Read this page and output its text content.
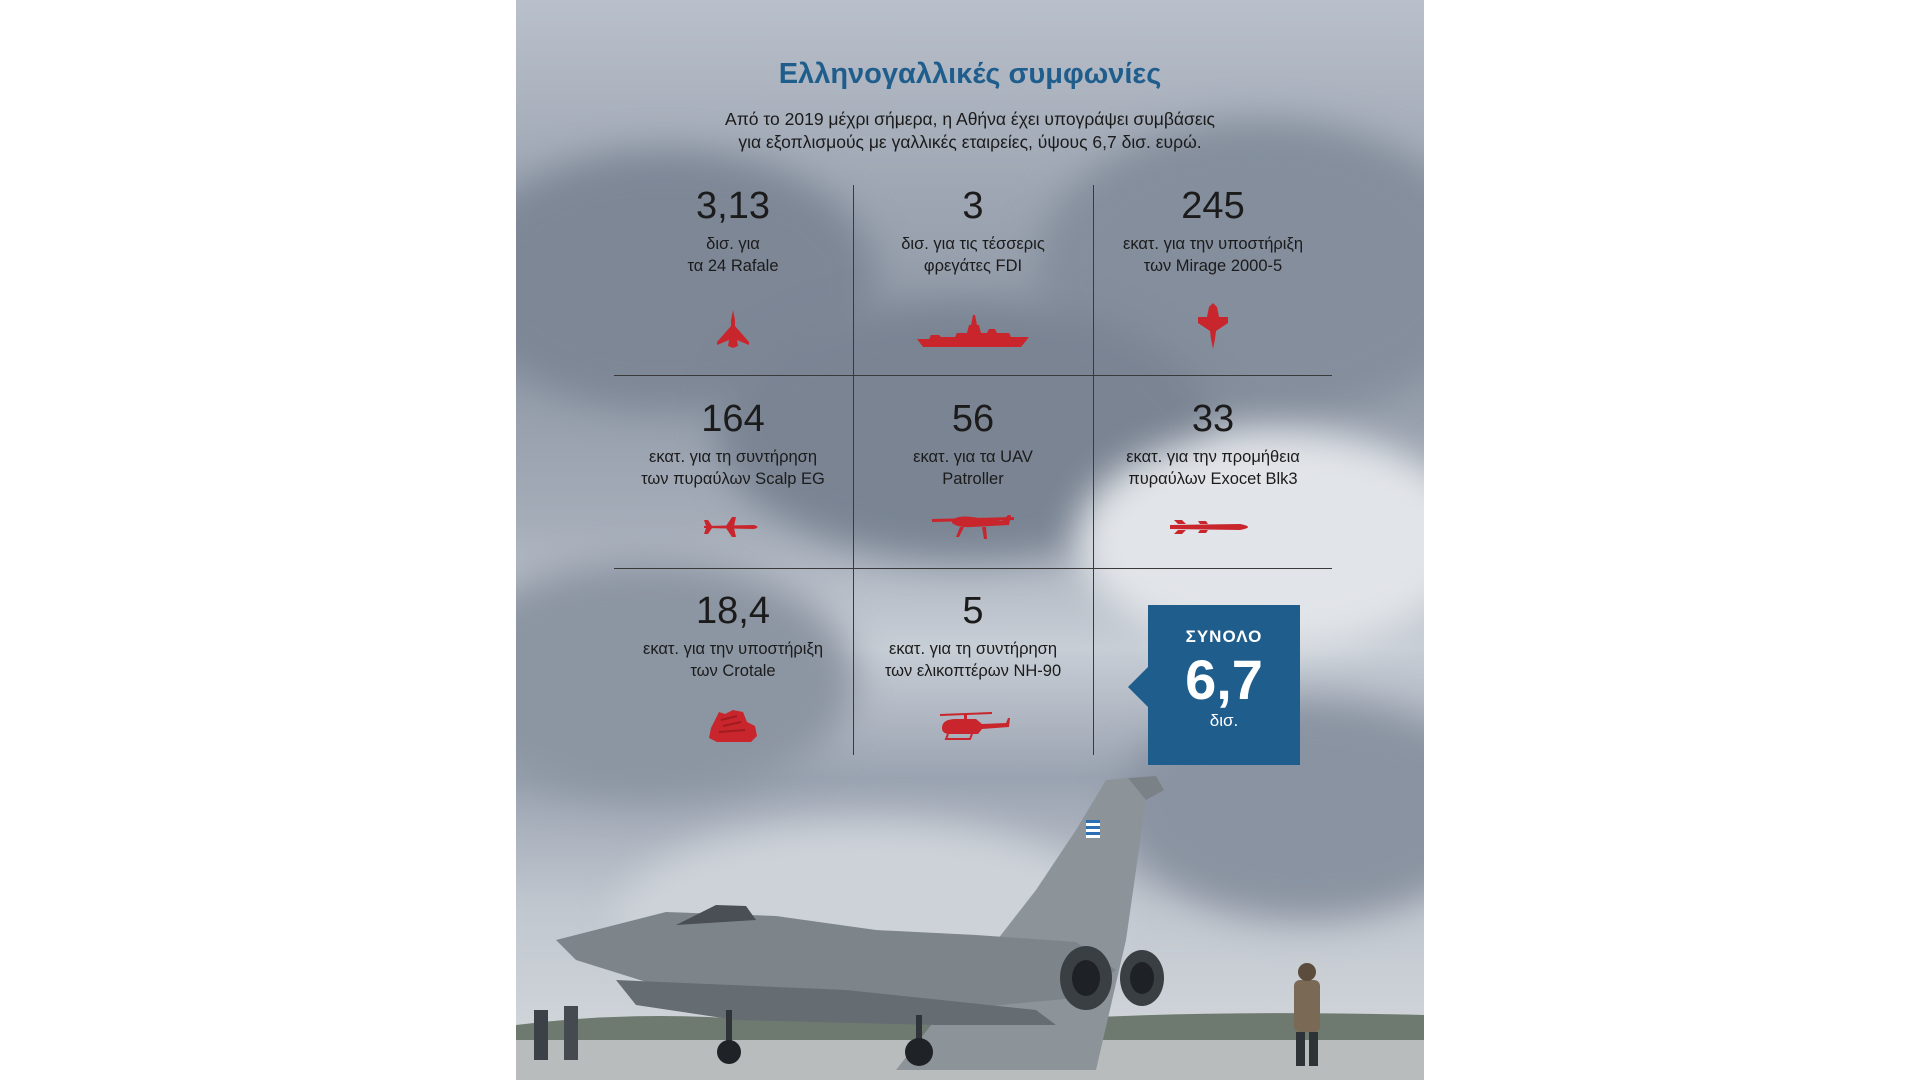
Ελληνογαλλικές συμφωνίες
Από το 2019 μέχρι σήμερα, η Αθήνα έχει υπογράψει συμβάσεις
για εξοπλισμούς με γαλλικές εταιρείες, ύψους 6,7 δισ. ευρώ.
3,13
δισ. για
τα 24 Rafale
3
δισ. για τις τέσσερις
φρεγάτες FDI
245
εκατ. για την υποστήριξη
των Mirage 2000-5
164
εκατ. για τη συντήρηση
των πυραύλων Scalp EG
56
εκατ. για τα UAV
Patroller
33
εκατ. για την προμήθεια
πυραύλων Exocet Blk3
18,4
εκατ. για την υποστήριξη
των Crotale
5
εκατ. για τη συντήρηση
των ελικοπτέρων NH-90
ΣΥΝΟΛΟ
6,7
δισ.
